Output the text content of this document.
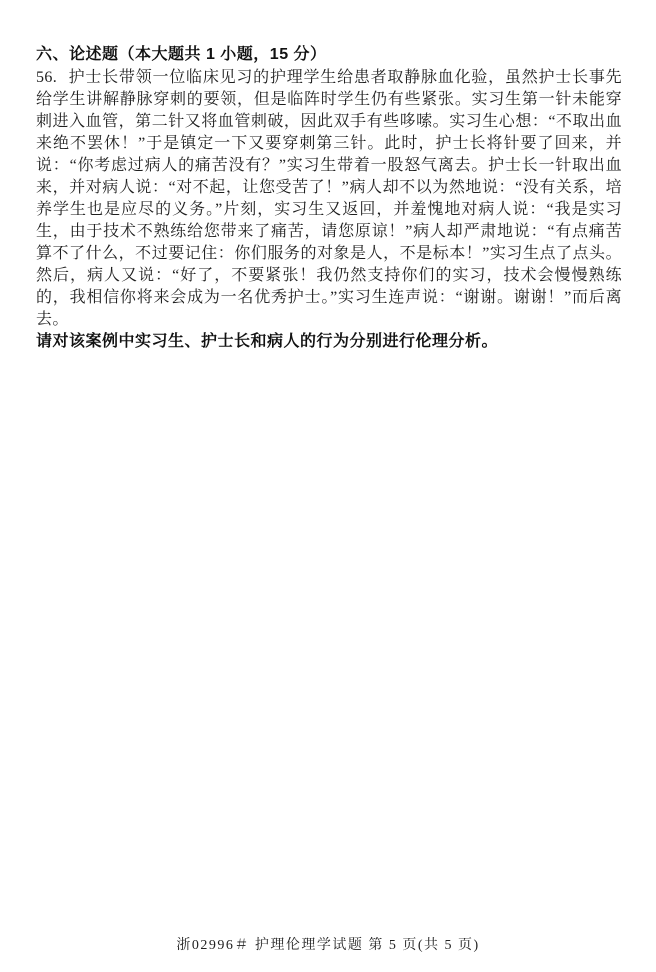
六、论述题（本大题共 1 小题，15 分）

56. 护士长带领一位临床见习的护理学生给患者取静脉血化验，虽然护士长事先给学生讲解静脉穿刺的要领，但是临阵时学生仍有些紧张。实习生第一针未能穿刺进入血管，第二针又将血管刺破，因此双手有些哆嗦。实习生心想：“不取出血来绝不罢休！”于是镇定一下又要穿刺第三针。此时，护士长将针要了回来，并说：“你考虑过病人的痛苦没有？”实习生带着一股怒气离去。护士长一针取出血来，并对病人说：“对不起，让您受苦了！”病人却不以为然地说：“没有关系，培养学生也是应尽的义务。”片刻，实习生又返回，并羞愧地对病人说：“我是实习生，由于技术不熟练给您带来了痛苦，请您原谅！”病人却严肃地说：“有点痛苦算不了什么，不过要记住：你们服务的对象是人，不是标本！”实习生点了点头。然后，病人又说：“好了，不要紧张！我仍然支持你们的实习，技术会慢慢熟练的，我相信你将来会成为一名优秀护士。”实习生连声说：“谢谢。谢谢！”而后离去。

请对该案例中实习生、护士长和病人的行为分别进行伦理分析。

浙02996＃ 护理伦理学试题 第 5 页(共 5 页)
